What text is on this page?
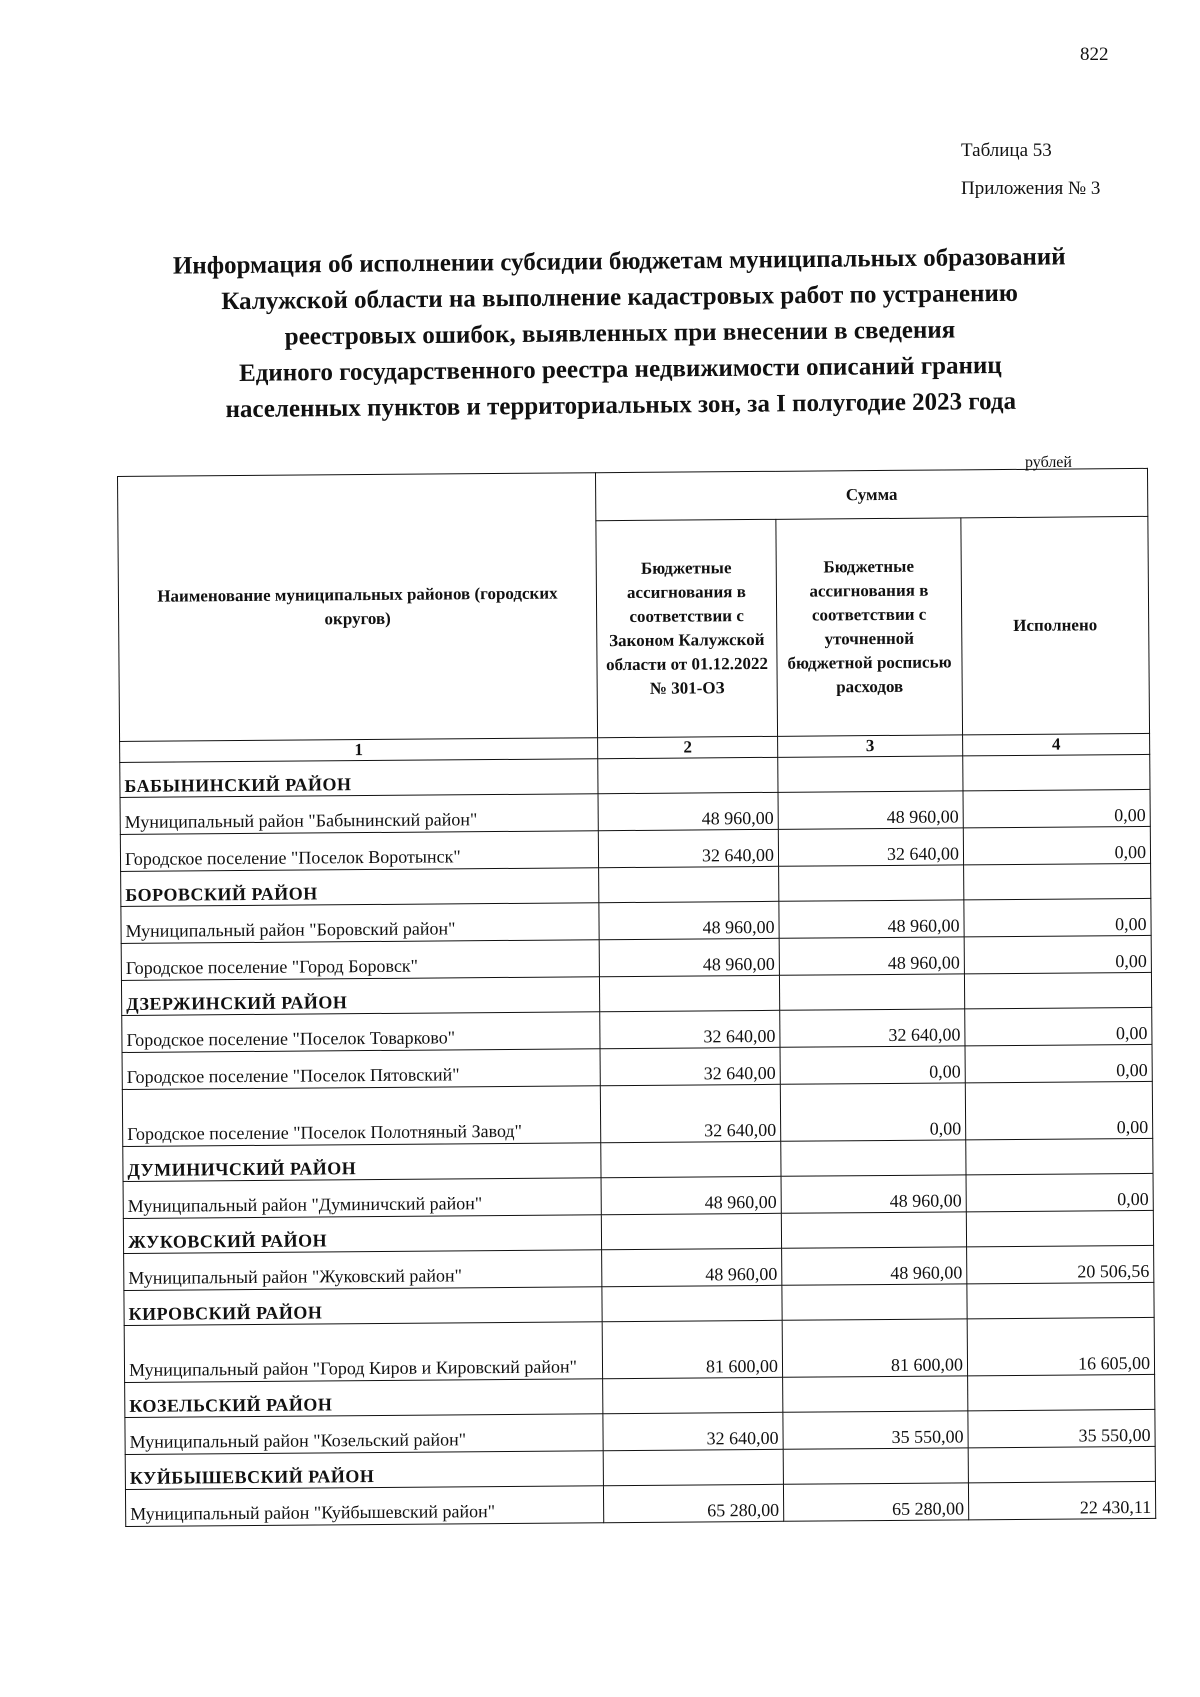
822
Таблица 53
Приложения № 3
Информация об исполнении субсидии бюджетам муниципальных образований
Калужской области на выполнение кадастровых работ по устранению
реестровых ошибок, выявленных при внесении в сведения
Единого государственного реестра недвижимости описаний границ
населенных пунктов и территориальных зон, за I полугодие 2023 года
рублей
Наименование муниципальных районов (городских округов)	Сумма		
	Бюджетные ассигнования в соответствии с Законом Калужской области от 01.12.2022 № 301-ОЗ	Бюджетные ассигнования в соответствии с уточненной бюджетной росписью расходов	Исполнено
1	2	3	4
БАБЫНИНСКИЙ РАЙОН			
Муниципальный район "Бабынинский район"	48 960,00	48 960,00	0,00
Городское поселение "Поселок Воротынск"	32 640,00	32 640,00	0,00
БОРОВСКИЙ РАЙОН			
Муниципальный район "Боровский район"	48 960,00	48 960,00	0,00
Городское поселение "Город Боровск"	48 960,00	48 960,00	0,00
ДЗЕРЖИНСКИЙ РАЙОН			
Городское поселение "Поселок Товарково"	32 640,00	32 640,00	0,00
Городское поселение "Поселок Пятовский"	32 640,00	0,00	0,00
Городское поселение "Поселок Полотняный Завод"	32 640,00	0,00	0,00
ДУМИНИЧСКИЙ РАЙОН			
Муниципальный район "Думиничский район"	48 960,00	48 960,00	0,00
ЖУКОВСКИЙ РАЙОН			
Муниципальный район "Жуковский район"	48 960,00	48 960,00	20 506,56
КИРОВСКИЙ РАЙОН			
Муниципальный район "Город Киров и Кировский район"	81 600,00	81 600,00	16 605,00
КОЗЕЛЬСКИЙ РАЙОН			
Муниципальный район "Козельский район"	32 640,00	35 550,00	35 550,00
КУЙБЫШЕВСКИЙ РАЙОН			
Муниципальный район "Куйбышевский район"	65 280,00	65 280,00	22 430,11
